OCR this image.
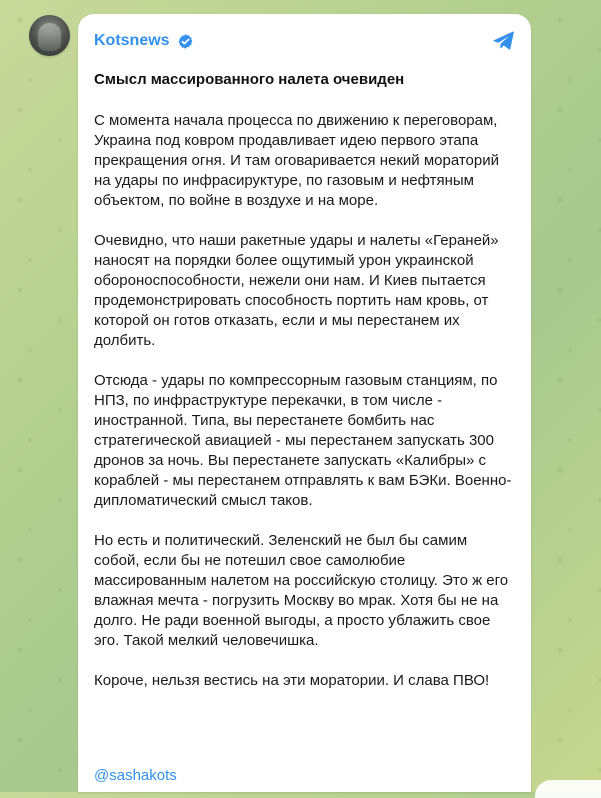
Kotsnews
Смысл массированного налета очевиден

С момента начала процесса по движению к переговорам, Украина под ковром продавливает идею первого этапа прекращения огня. И там оговаривается некий мораторий на удары по инфрасируктуре, по газовым и нефтяным объектом, по войне в воздухе и на море.

Очевидно, что наши ракетные удары и налеты «Гераней» наносят на порядки более ощутимый урон украинской обороноспособности, нежели они нам. И Киев пытается продемонстрировать способность портить нам кровь, от которой он готов отказать, если и мы перестанем их долбить.

Отсюда - удары по компрессорным газовым станциям, по НПЗ, по инфраструктуре перекачки, в том числе - иностранной. Типа, вы перестанете бомбить нас стратегической авиацией - мы перестанем запускать 300 дронов за ночь. Вы перестанете запускать «Калибры» с кораблей - мы перестанем отправлять к вам БЭКи. Военно-дипломатический смысл таков.

Но есть и политический. Зеленский не был бы самим собой, если бы не потешил свое самолюбие массированным налетом на российскую столицу. Это ж его влажная мечта - погрузить Москву во мрак. Хотя бы не на долго. Не ради военной выгоды, а просто ублажить свое эго. Такой мелкий человечишка.

Короче, нельзя вестись на эти моратории. И слава ПВО!

@sashakots
